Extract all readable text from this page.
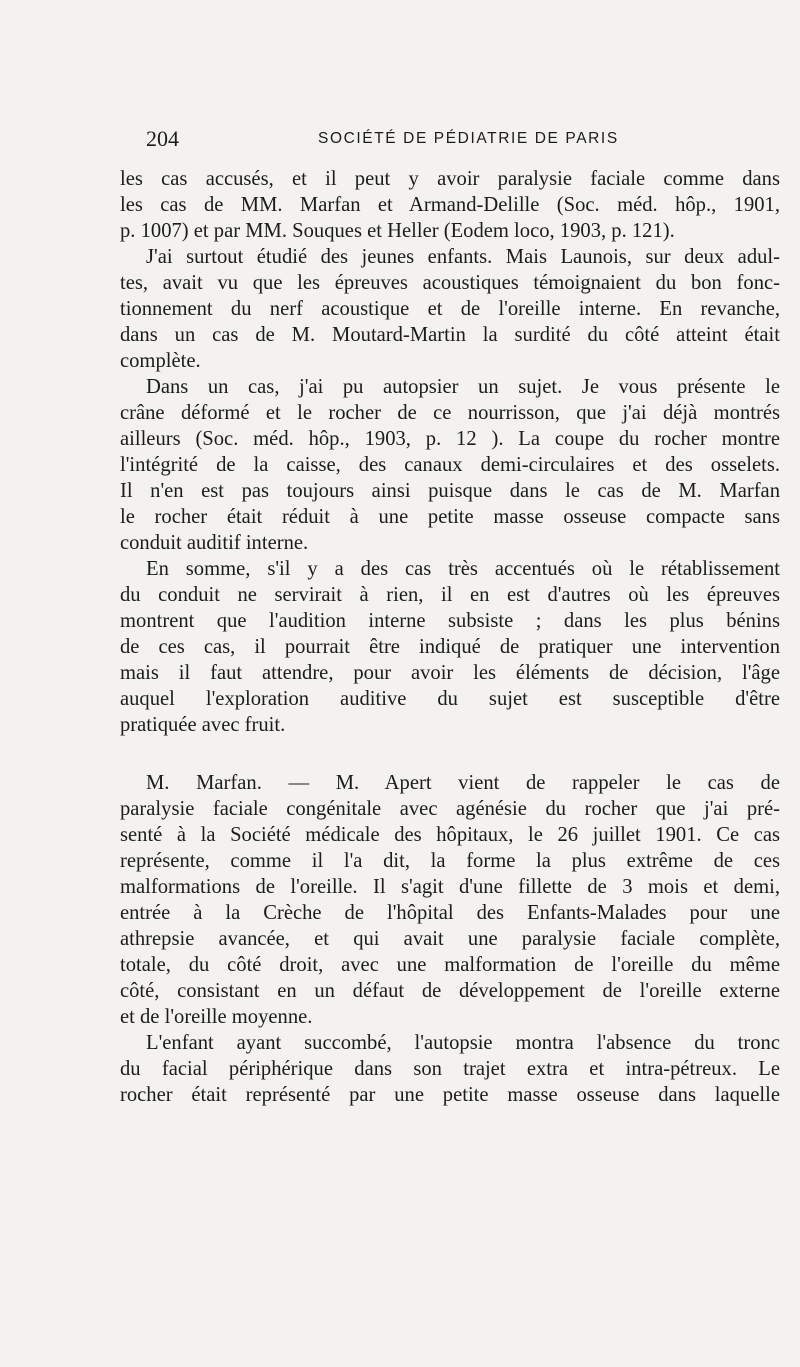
204	SOCIÉTÉ DE PÉDIATRIE DE PARIS
les cas accusés, et il peut y avoir paralysie faciale comme dans
les cas de MM. Marfan et Armand-Delille (Soc. méd. hôp., 1901,
p. 1007) et par MM. Souques et Heller (Eodem loco, 1903, p. 121).
J'ai surtout étudié des jeunes enfants. Mais Launois, sur deux adul-
tes, avait vu que les épreuves acoustiques témoignaient du bon fonc-
tionnement du nerf acoustique et de l'oreille interne. En revanche,
dans un cas de M. Moutard-Martin la surdité du côté atteint était
complète.
Dans un cas, j'ai pu autopsier un sujet. Je vous présente le
crâne déformé et le rocher de ce nourrisson, que j'ai déjà montrés
ailleurs (Soc. méd. hôp., 1903, p. 12 ). La coupe du rocher montre
l'intégrité de la caisse, des canaux demi-circulaires et des osselets.
Il n'en est pas toujours ainsi puisque dans le cas de M. Marfan
le rocher était réduit à une petite masse osseuse compacte sans
conduit auditif interne.
En somme, s'il y a des cas très accentués où le rétablissement
du conduit ne servirait à rien, il en est d'autres où les épreuves
montrent que l'audition interne subsiste ; dans les plus bénins
de ces cas, il pourrait être indiqué de pratiquer une intervention
mais il faut attendre, pour avoir les éléments de décision, l'âge
auquel l'exploration auditive du sujet est susceptible d'être
pratiquée avec fruit.
M. Marfan. — M. Apert vient de rappeler le cas de
paralysie faciale congénitale avec agénésie du rocher que j'ai pré-
senté à la Société médicale des hôpitaux, le 26 juillet 1901. Ce cas
représente, comme il l'a dit, la forme la plus extrême de ces
malformations de l'oreille. Il s'agit d'une fillette de 3 mois et demi,
entrée à la Crèche de l'hôpital des Enfants-Malades pour une
athrepsie avancée, et qui avait une paralysie faciale complète,
totale, du côté droit, avec une malformation de l'oreille du même
côté, consistant en un défaut de développement de l'oreille externe
et de l'oreille moyenne.
L'enfant ayant succombé, l'autopsie montra l'absence du tronc
du facial périphérique dans son trajet extra et intra-pétreux. Le
rocher était représenté par une petite masse osseuse dans laquelle
